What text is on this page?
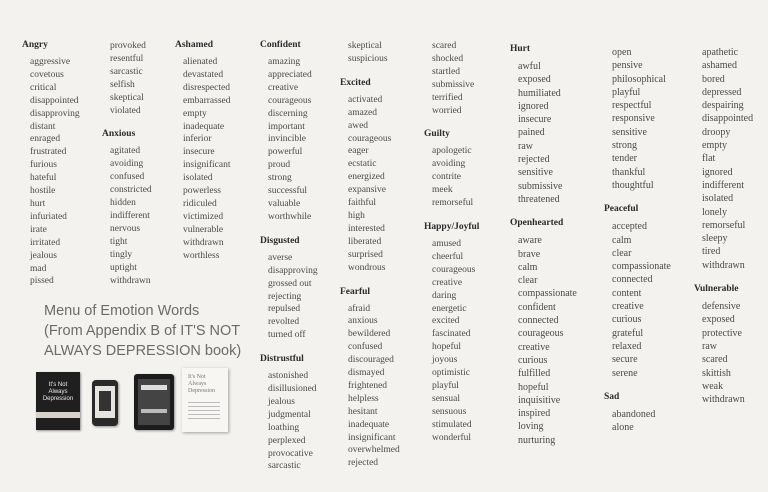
Angry
aggressive
covetous
critical
disappointed
disapproving
distant
enraged
frustrated
furious
hateful
hostile
hurt
infuriated
irate
irritated
jealous
mad
pissed
provoked
resentful
sarcastic
selfish
skeptical
violated
Anxious
agitated
avoiding
confused
constricted
hidden
indifferent
nervous
tight
tingly
uptight
withdrawn
Ashamed
alienated
devastated
disrespected
embarrassed
empty
inadequate
inferior
insecure
insignificant
isolated
powerless
ridiculed
victimized
vulnerable
withdrawn
worthless
Confident
amazing
appreciated
creative
courageous
discerning
important
invincible
powerful
proud
strong
successful
valuable
worthwhile
Disgusted
averse
disapproving
grossed out
rejecting
repulsed
revolted
turned off
Distrustful
astonished
disillusioned
jealous
judgmental
loathing
perplexed
provocative
sarcastic
skeptical
suspicious
Excited
activated
amazed
awed
courageous
eager
ecstatic
energized
expansive
faithful
high
interested
liberated
surprised
wondrous
Fearful
afraid
anxious
bewildered
confused
discouraged
dismayed
frightened
helpless
hesitant
inadequate
insignificant
overwhelmed
rejected
scared
shocked
startled
submissive
terrified
worried
Guilty
apologetic
avoiding
contrite
meek
remorseful
Happy/Joyful
amused
cheerful
courageous
creative
daring
energetic
excited
fascinated
hopeful
joyous
optimistic
playful
sensual
sensuous
stimulated
wonderful
Hurt
awful
exposed
humiliated
ignored
insecure
pained
raw
rejected
sensitive
submissive
threatened
Openhearted
aware
brave
calm
clear
compassionate
confident
connected
courageous
creative
curious
fulfilled
hopeful
inquisitive
inspired
loving
nurturing
open
pensive
philosophical
playful
respectful
responsive
sensitive
strong
tender
thankful
thoughtful
Peaceful
accepted
calm
clear
compassionate
connected
content
creative
curious
grateful
relaxed
secure
serene
Sad
abandoned
alone
apathetic
ashamed
bored
depressed
despairing
disappointed
droopy
empty
flat
ignored
indifferent
isolated
lonely
remorseful
sleepy
tired
withdrawn
Vulnerable
defensive
exposed
protective
raw
scared
skittish
weak
withdrawn
Menu of Emotion Words
(From Appendix B of IT'S NOT
ALWAYS DEPRESSION book)
It's Not Always Depression
It's Not Always Depression
